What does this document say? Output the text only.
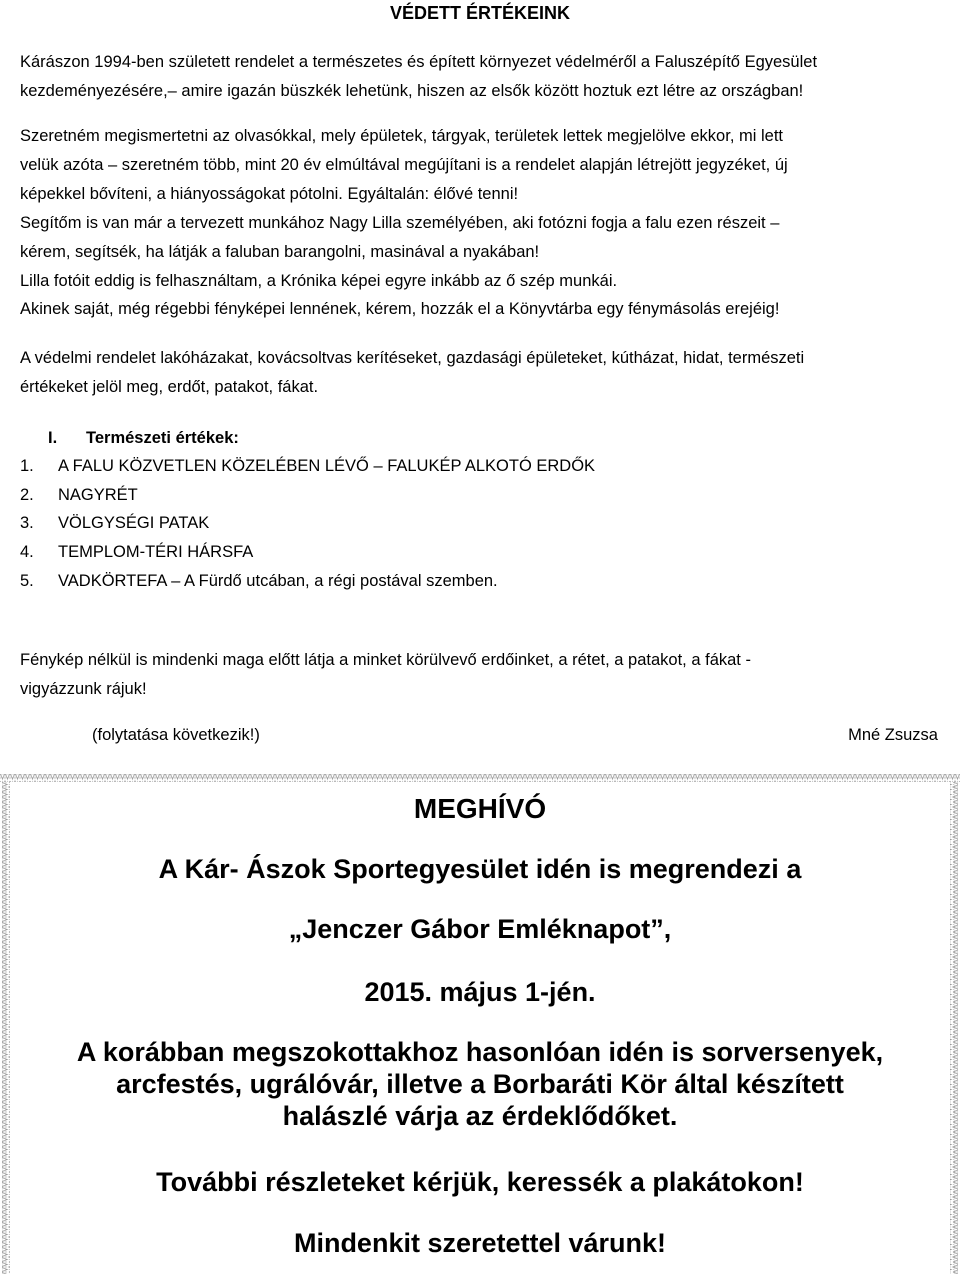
VÉDETT ÉRTÉKEINK
Kárászon 1994-ben született rendelet a természetes és épített környezet védelméről a Faluszépítő Egyesület
kezdeményezésére,– amire igazán büszkék lehetünk, hiszen az elsők között hoztuk ezt létre az országban!
Szeretném megismertetni az olvasókkal, mely épületek, tárgyak, területek lettek megjelölve ekkor, mi lett
velük azóta – szeretném több, mint 20 év elmúltával megújítani is a rendelet alapján létrejött jegyzéket, új
képekkel bővíteni, a hiányosságokat pótolni. Egyáltalán: élővé tenni!
Segítőm is van már a tervezett munkához Nagy Lilla személyében, aki fotózni fogja a falu ezen részeit –
kérem, segítsék, ha látják a faluban barangolni, masinával a nyakában!
Lilla fotóit eddig is felhasználtam, a Krónika képei egyre inkább az ő szép munkái.
Akinek saját, még régebbi fényképei lennének, kérem, hozzák el a Könyvtárba egy fénymásolás erejéig!
A védelmi rendelet lakóházakat, kovácsoltvas kerítéseket, gazdasági épületeket, kútházat, hidat, természeti
értékeket jelöl meg, erdőt, patakot, fákat.
I. Természeti értékek:
1. A FALU KÖZVETLEN KÖZELÉBEN LÉVŐ – FALUKÉP ALKOTÓ ERDŐK
2. NAGYRÉT
3. VÖLGYSÉGI PATAK
4. TEMPLOM-TÉRI HÁRSFA
5. VADKÖRTEFA – A Fürdő utcában, a régi postával szemben.
Fénykép nélkül is mindenki maga előtt látja a minket körülvevő erdőinket, a rétet, a patakot, a fákat -
vigyázzunk rájuk!
(folytatása következik!)	Mné Zsuzsa
MEGHÍVÓ
A Kár- Ászok Sportegyesület idén is megrendezi a
„Jenczer Gábor Emléknapot”,
2015. május 1-jén.
A korábban megszokottakhoz hasonlóan idén is sorversenyek,
arcfestés, ugrálóvár, illetve a Borbaráti Kör által készített
halászlé várja az érdeklődőket.
További részleteket kérjük, keressék a plakátokon!
Mindenkit szeretettel várunk!
